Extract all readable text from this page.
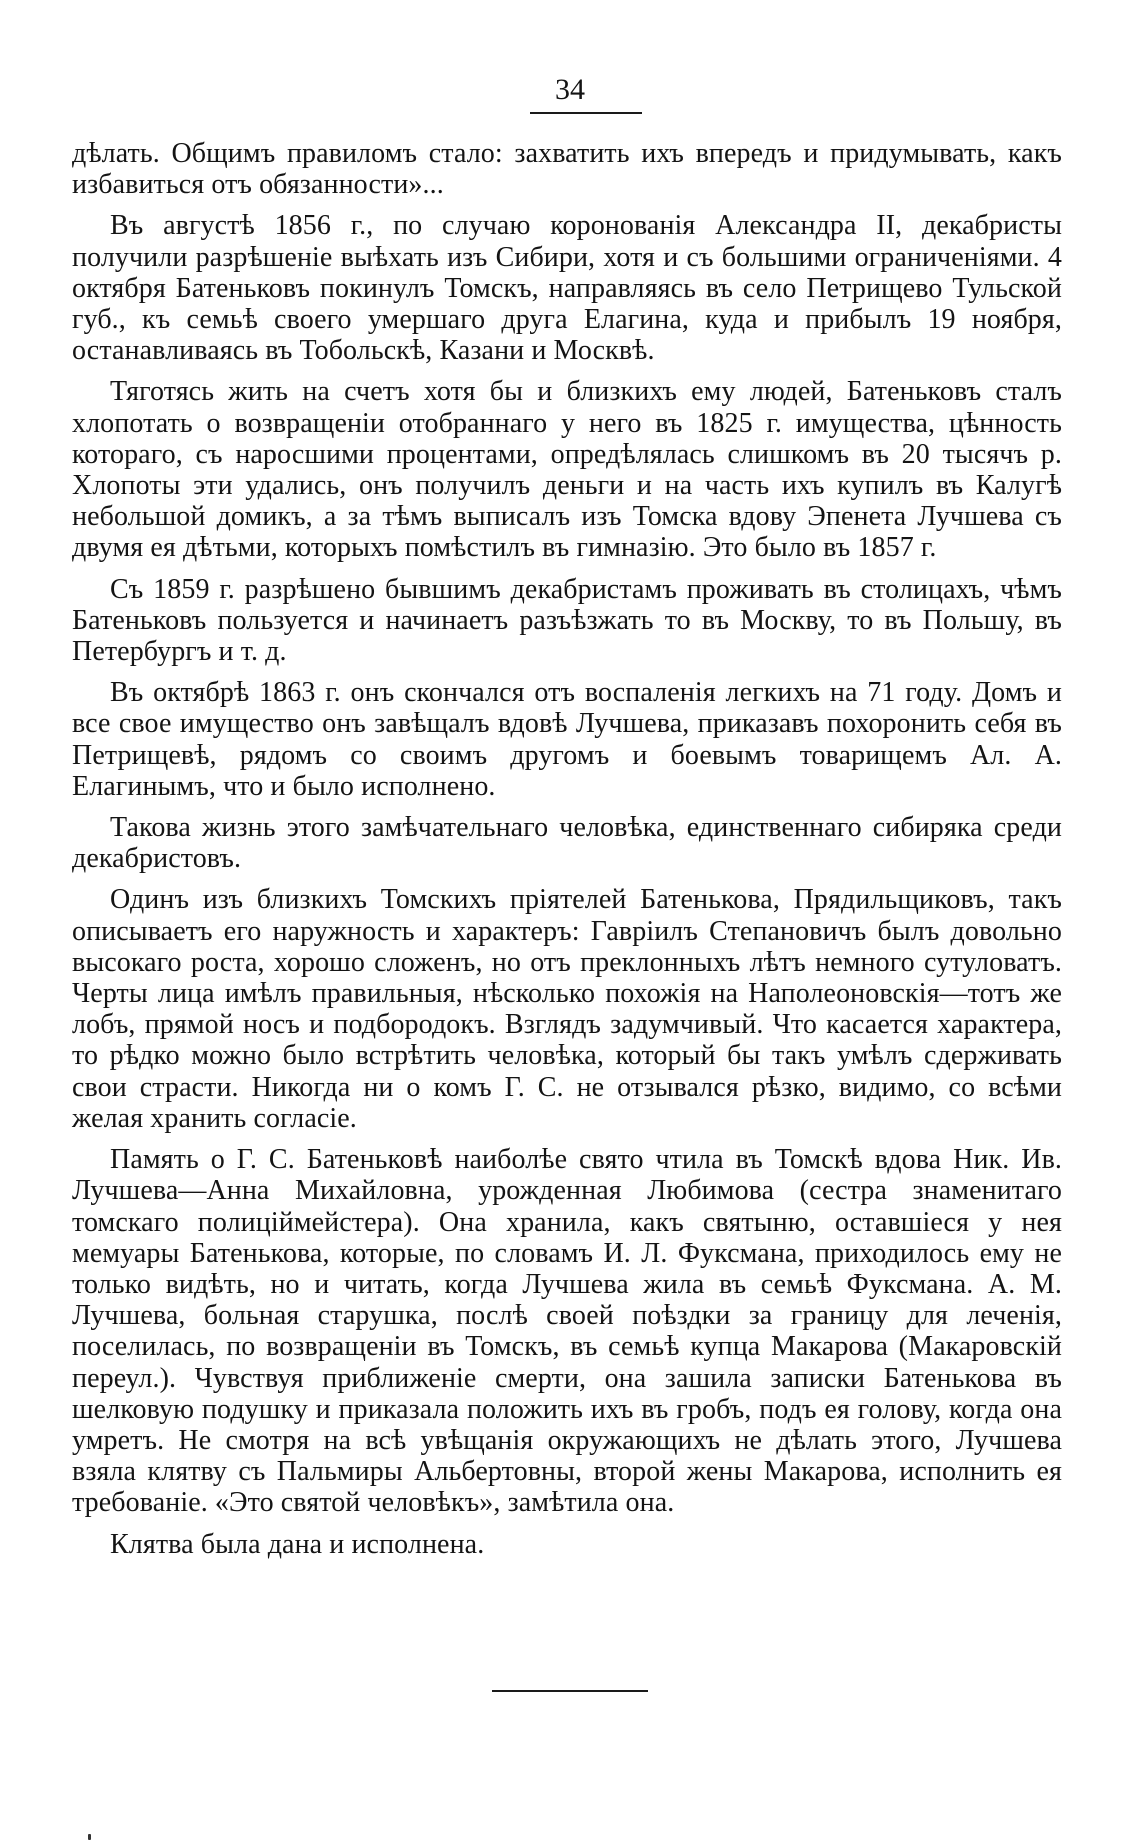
34

дѣлать. Общимъ правиломъ стало: захватить ихъ впередъ и придумывать, какъ избавиться отъ обязанности»...

Въ августѣ 1856 г., по случаю коронованія Александра II, декабристы получили разрѣшеніе выѣхать изъ Сибири, хотя и съ большими ограниченіями. 4 октября Батеньковъ покинулъ Томскъ, направляясь въ село Петрищево Тульской губ., къ семьѣ своего умершаго друга Елагина, куда и прибылъ 19 ноября, останавливаясь въ Тобольскѣ, Казани и Москвѣ.

Тяготясь жить на счетъ хотя бы и близкихъ ему людей, Батеньковъ сталъ хлопотать о возвращеніи отобраннаго у него въ 1825 г. имущества, цѣнность котораго, съ наросшими процентами, опредѣлялась слишкомъ въ 20 тысячъ р. Хлопоты эти удались, онъ получилъ деньги и на часть ихъ купилъ въ Калугѣ небольшой домикъ, а за тѣмъ выписалъ изъ Томска вдову Эпенета Лучшева съ двумя ея дѣтьми, которыхъ помѣстилъ въ гимназію. Это было въ 1857 г.

Съ 1859 г. разрѣшено бывшимъ декабристамъ проживать въ столицахъ, чѣмъ Батеньковъ пользуется и начинаетъ разъѣзжать то въ Москву, то въ Польшу, въ Петербургъ и т. д.

Въ октябрѣ 1863 г. онъ скончался отъ воспаленія легкихъ на 71 году. Домъ и все свое имущество онъ завѣщалъ вдовѣ Лучшева, приказавъ похоронить себя въ Петрищевѣ, рядомъ со своимъ другомъ и боевымъ товарищемъ Ал. А. Елагинымъ, что и было исполнено.

Такова жизнь этого замѣчательнаго человѣка, единственнаго сибиряка среди декабристовъ.

Одинъ изъ близкихъ Томскихъ пріятелей Батенькова, Прядильщиковъ, такъ описываетъ его наружность и характеръ: Гавріилъ Степановичъ былъ довольно высокаго роста, хорошо сложенъ, но отъ преклонныхъ лѣтъ немного сутуловатъ. Черты лица имѣлъ правильныя, нѣсколько похожія на Наполеоновскія—тотъ же лобъ, прямой носъ и подбородокъ. Взглядъ задумчивый. Что касается характера, то рѣдко можно было встрѣтить человѣка, который бы такъ умѣлъ сдерживать свои страсти. Никогда ни о комъ Г. С. не отзывался рѣзко, видимо, со всѣми желая хранить согласіе.

Память о Г. С. Батеньковѣ наиболѣе свято чтила въ Томскѣ вдова Ник. Ив. Лучшева—Анна Михайловна, урожденная Любимова (сестра знаменитаго томскаго полиціймейстера). Она хранила, какъ святыню, оставшіеся у нея мемуары Батенькова, которые, по словамъ И. Л. Фуксмана, приходилось ему не только видѣть, но и читать, когда Лучшева жила въ семьѣ Фуксмана. А. М. Лучшева, больная старушка, послѣ своей поѣздки за границу для леченія, поселилась, по возвращеніи въ Томскъ, въ семьѣ купца Макарова (Макаровскій переул.). Чувствуя приближеніе смерти, она зашила записки Батенькова въ шелковую подушку и приказала положить ихъ въ гробъ, подъ ея голову, когда она умретъ. Не смотря на всѣ увѣщанія окружающихъ не дѣлать этого, Лучшева взяла клятву съ Пальмиры Альбертовны, второй жены Макарова, исполнить ея требованіе. «Это святой человѣкъ», замѣтила она.

Клятва была дана и исполнена.
